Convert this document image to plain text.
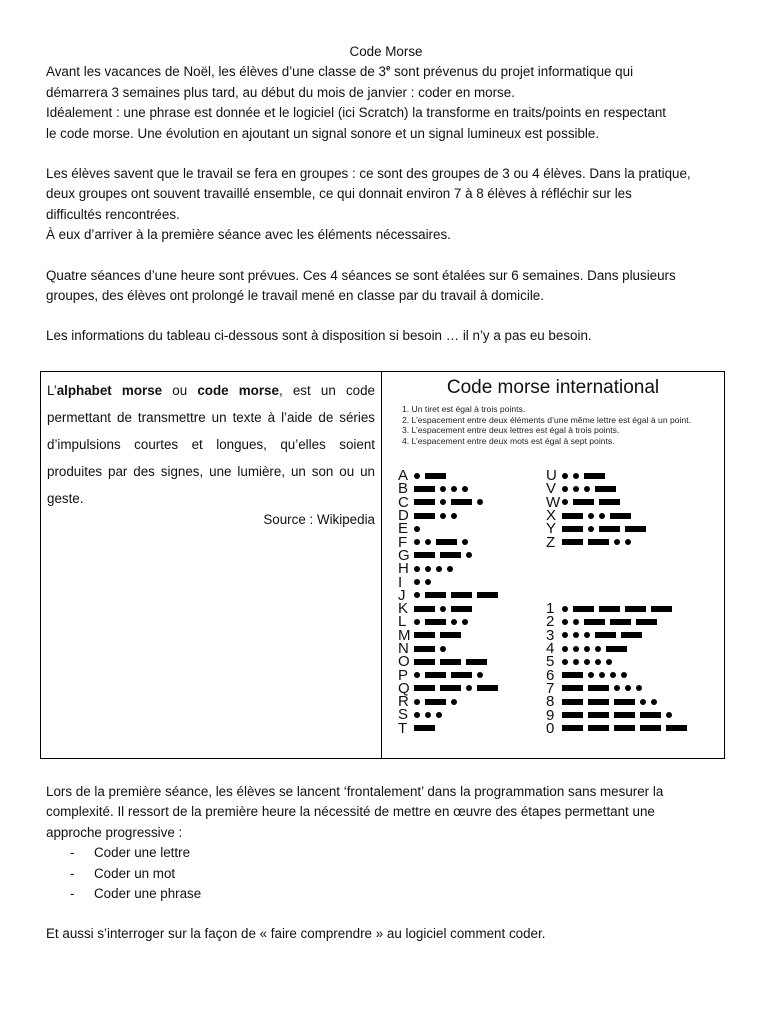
Code Morse

Avant les vacances de Noël, les élèves d’une classe de 3e sont prévenus du projet informatique qui

démarrera 3 semaines plus tard, au début du mois de janvier : coder en morse.

Idéalement : une phrase est donnée et le logiciel (ici Scratch) la transforme en traits/points en respectant

le code morse. Une évolution en ajoutant un signal sonore et un signal lumineux est possible.

Les élèves savent que le travail se fera en groupes : ce sont des groupes de 3 ou 4 élèves. Dans la pratique,

deux groupes ont souvent travaillé ensemble, ce qui donnait environ 7 à 8 élèves à réfléchir sur les

difficultés rencontrées.

À eux d’arriver à la première séance avec les éléments nécessaires.

Quatre séances d’une heure sont prévues. Ces 4 séances se sont étalées sur 6 semaines. Dans plusieurs

groupes, des élèves ont prolongé le travail mené en classe par du travail à domicile.

Les informations du tableau ci-dessous sont à disposition si besoin … il n’y a pas eu besoin.

L’alphabet morse ou code morse, est un code permettant de transmettre un texte à l’aide de séries d’impulsions courtes et longues, qu’elles soient produites par des signes, une lumière, un son ou un geste.

Source : Wikipedia

Code morse international
1. Un tiret est égal à trois points.
2. L’espacement entre deux éléments d’une même lettre est égal à un point.
3. L’espacement entre deux lettres est égal à trois points.
4. L’espacement entre deux mots est égal à sept points.
A
B
C
D
E
F
G
H
I
J
K
L
M
N
O
P
Q
R
S
T
U
V
W
X
Y
Z
1
2
3
4
5
6
7
8
9
0

Lors de la première séance, les élèves se lancent ‘frontalement’ dans la programmation sans mesurer la

complexité. Il ressort de la première heure la nécessité de mettre en œuvre des étapes permettant une

approche progressive :

- Coder une lettre
- Coder un mot
- Coder une phrase

Et aussi s’interroger sur la façon de « faire comprendre » au logiciel comment coder.
